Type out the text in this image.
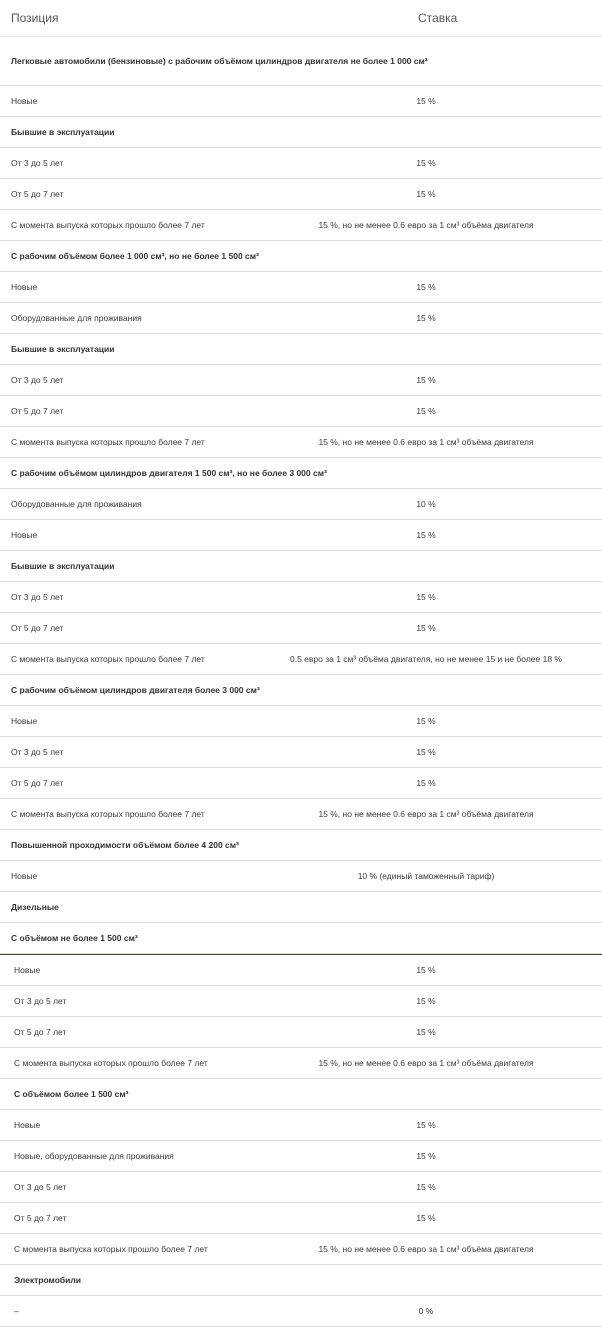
Позиция	Ставка
Легковые автомобили (бензиновые) с рабочим объёмом цилиндров двигателя не более 1 000 см³
Новые	15 %
Бывшие в эксплуатации
От 3 до 5 лет	15 %
От 5 до 7 лет	15 %
С момента выпуска которых прошло более 7 лет	15 %, но не менее 0.6 евро за 1 см³ объёма двигателя
С рабочим объёмом более 1 000 см³, но не более 1 500 см³
Новые	15 %
Оборудованные для проживания	15 %
Бывшие в эксплуатации
От 3 до 5 лет	15 %
От 5 до 7 лет	15 %
С момента выпуска которых прошло более 7 лет	15 %, но не менее 0.6 евро за 1 см³ объёма двигателя
С рабочим объёмом цилиндров двигателя 1 500 см³, но не более 3 000 см³
Оборудованные для проживания	10 %
Новые	15 %
Бывшие в эксплуатации
От 3 до 5 лет	15 %
От 5 до 7 лет	15 %
С момента выпуска которых прошло более 7 лет	0.5 евро за 1 см³ объёма двигателя, но не менее 15 и не более 18 %
С рабочим объёмом цилиндров двигателя более 3 000 см³
Новые	15 %
От 3 до 5 лет	15 %
От 5 до 7 лет	15 %
С момента выпуска которых прошло более 7 лет	15 %, но не менее 0.6 евро за 1 см³ объёма двигателя
Повышенной проходимости объёмом более 4 200 см³
Новые	10 % (единый таможенный тариф)
Дизельные
С объёмом не более 1 500 см³
Новые	15 %
От 3 до 5 лет	15 %
От 5 до 7 лет	15 %
С момента выпуска которых прошло более 7 лет	15 %, но не менее 0.6 евро за 1 см³ объёма двигателя
С объёмом более 1 500 см³
Новые	15 %
Новые, оборудованные для проживания	15 %
От 3 до 5 лет	15 %
От 5 до 7 лет	15 %
С момента выпуска которых прошло более 7 лет	15 %, но не менее 0.6 евро за 1 см³ объёма двигателя
Электромобили
–	0 %
